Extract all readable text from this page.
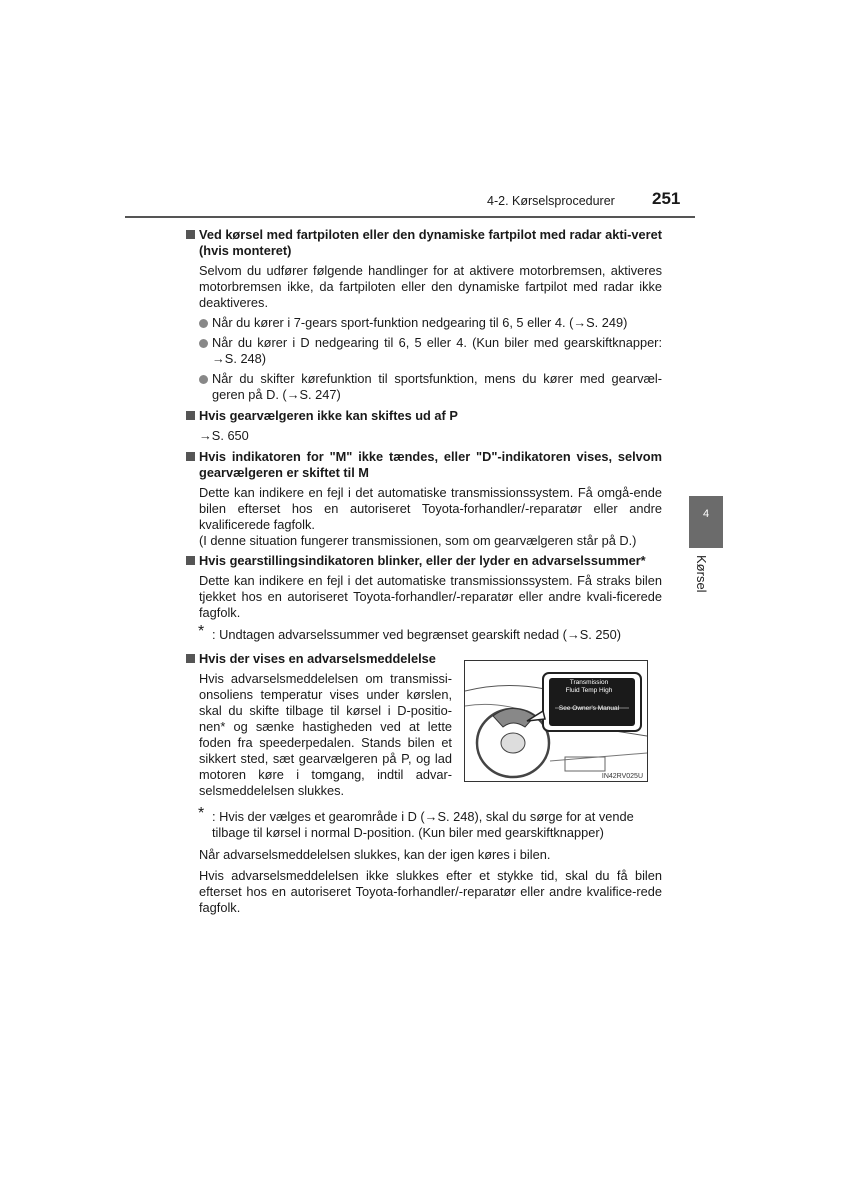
4-2. Kørselsprocedurer 251
4
Kørsel
Ved kørsel med fartpiloten eller den dynamiske fartpilot med radar akti-veret (hvis monteret)
Selvom du udfører følgende handlinger for at aktivere motorbremsen, aktiveres motorbremsen ikke, da fartpiloten eller den dynamiske fartpilot med radar ikke deaktiveres.
Når du kører i 7-gears sport-funktion nedgearing til 6, 5 eller 4. (→S. 249)
Når du kører i D nedgearing til 6, 5 eller 4. (Kun biler med gearskiftknapper: →S. 248)
Når du skifter kørefunktion til sportsfunktion, mens du kører med gearvæl-geren på D. (→S. 247)
Hvis gearvælgeren ikke kan skiftes ud af P
→S. 650
Hvis indikatoren for "M" ikke tændes, eller "D"-indikatoren vises, selvom gearvælgeren er skiftet til M
Dette kan indikere en fejl i det automatiske transmissionssystem. Få omgå-ende bilen efterset hos en autoriseret Toyota-forhandler/-reparatør eller andre kvalificerede fagfolk.
(I denne situation fungerer transmissionen, som om gearvælgeren står på D.)
Hvis gearstillingsindikatoren blinker, eller der lyder en advarselssummer*
Dette kan indikere en fejl i det automatiske transmissionssystem. Få straks bilen tjekket hos en autoriseret Toyota-forhandler/-reparatør eller andre kvali-ficerede fagfolk.
* : Undtagen advarselssummer ved begrænset gearskift nedad (→S. 250)
Hvis der vises en advarselsmeddelelse
Hvis advarselsmeddelelsen om transmissi-onsoliens temperatur vises under kørslen, skal du skifte tilbage til kørsel i D-positio-nen* og sænke hastigheden ved at lette foden fra speederpedalen. Stands bilen et sikkert sted, sæt gearvælgeren på P, og lad motoren køre i tomgang, indtil advar-selsmeddelelsen slukkes.
* : Hvis der vælges et gearområde i D (→S. 248), skal du sørge for at vende tilbage til kørsel i normal D-position. (Kun biler med gearskiftknapper)
Når advarselsmeddelelsen slukkes, kan der igen køres i bilen.
Hvis advarselsmeddelelsen ikke slukkes efter et stykke tid, skal du få bilen efterset hos en autoriseret Toyota-forhandler/-reparatør eller andre kvalifice-rede fagfolk.
Transmission
Fluid Temp High
See Owner's Manual
IN42RV025U
